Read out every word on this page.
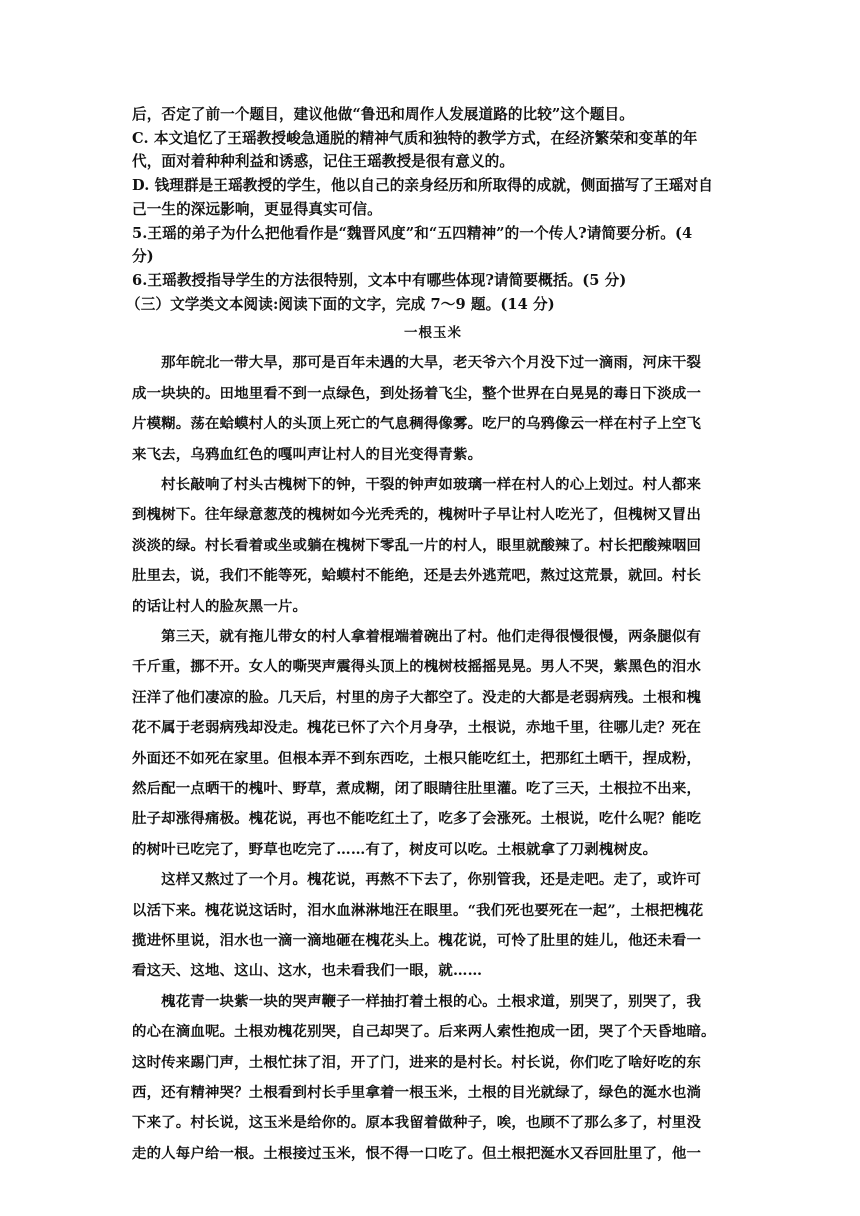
后，否定了前一个题目，建议他做“鲁迅和周作人发展道路的比较”这个题目。
C. 本文追忆了王瑶教授峻急通脱的精神气质和独特的教学方式，在经济繁荣和变革的年
代，面对着种种利益和诱惑，记住王瑶教授是很有意义的。
D. 钱理群是王瑶教授的学生，他以自己的亲身经历和所取得的成就，侧面描写了王瑶对自
己一生的深远影响，更显得真实可信。
5.王瑶的弟子为什么把他看作是“魏晋风度”和“五四精神”的一个传人?请简要分析。(4
分)
6.王瑶教授指导学生的方法很特别，文本中有哪些体现?请简要概括。(5 分)
（三）文学类文本阅读:阅读下面的文字，完成 7～9 题。(14 分)
一根玉米
　　那年皖北一带大旱，那可是百年未遇的大旱，老天爷六个月没下过一滴雨，河床干裂
成一块块的。田地里看不到一点绿色，到处扬着飞尘，整个世界在白晃晃的毒日下淡成一
片模糊。荡在蛤蟆村人的头顶上死亡的气息稠得像雾。吃尸的乌鸦像云一样在村子上空飞
来飞去，乌鸦血红色的嘎叫声让村人的目光变得青紫。
　　村长敲响了村头古槐树下的钟，干裂的钟声如玻璃一样在村人的心上划过。村人都来
到槐树下。往年绿意葱茂的槐树如今光秃秃的，槐树叶子早让村人吃光了，但槐树又冒出
淡淡的绿。村长看着或坐或躺在槐树下零乱一片的村人，眼里就酸辣了。村长把酸辣咽回
肚里去，说，我们不能等死，蛤蟆村不能绝，还是去外逃荒吧，熬过这荒景，就回。村长
的话让村人的脸灰黑一片。
　　第三天，就有拖儿带女的村人拿着棍端着碗出了村。他们走得很慢很慢，两条腿似有
千斤重，挪不开。女人的嘶哭声震得头顶上的槐树枝摇摇晃晃。男人不哭，紫黑色的泪水
汪洋了他们凄凉的脸。几天后，村里的房子大都空了。没走的大都是老弱病残。土根和槐
花不属于老弱病残却没走。槐花已怀了六个月身孕，土根说，赤地千里，往哪儿走？死在
外面还不如死在家里。但根本弄不到东西吃，土根只能吃红土，把那红土晒干，捏成粉，
然后配一点晒干的槐叶、野草，煮成糊，闭了眼睛往肚里灌。吃了三天，土根拉不出来，
肚子却涨得痛极。槐花说，再也不能吃红土了，吃多了会涨死。土根说，吃什么呢？能吃
的树叶已吃完了，野草也吃完了……有了，树皮可以吃。土根就拿了刀剥槐树皮。
　　这样又熬过了一个月。槐花说，再熬不下去了，你别管我，还是走吧。走了，或许可
以活下来。槐花说这话时，泪水血淋淋地汪在眼里。“我们死也要死在一起”，土根把槐花
揽进怀里说，泪水也一滴一滴地砸在槐花头上。槐花说，可怜了肚里的娃儿，他还未看一
看这天、这地、这山、这水，也未看我们一眼，就……
　　槐花青一块紫一块的哭声鞭子一样抽打着土根的心。土根求道，别哭了，别哭了，我
的心在滴血呢。土根劝槐花别哭，自己却哭了。后来两人索性抱成一团，哭了个天昏地暗。
这时传来踢门声，土根忙抹了泪，开了门，进来的是村长。村长说，你们吃了啥好吃的东
西，还有精神哭？土根看到村长手里拿着一根玉米，土根的目光就绿了，绿色的涎水也淌
下来了。村长说，这玉米是给你的。原本我留着做种子，唉，也顾不了那么多了，村里没
走的人每户给一根。土根接过玉米，恨不得一口吃了。但土根把涎水又吞回肚里了，他一
